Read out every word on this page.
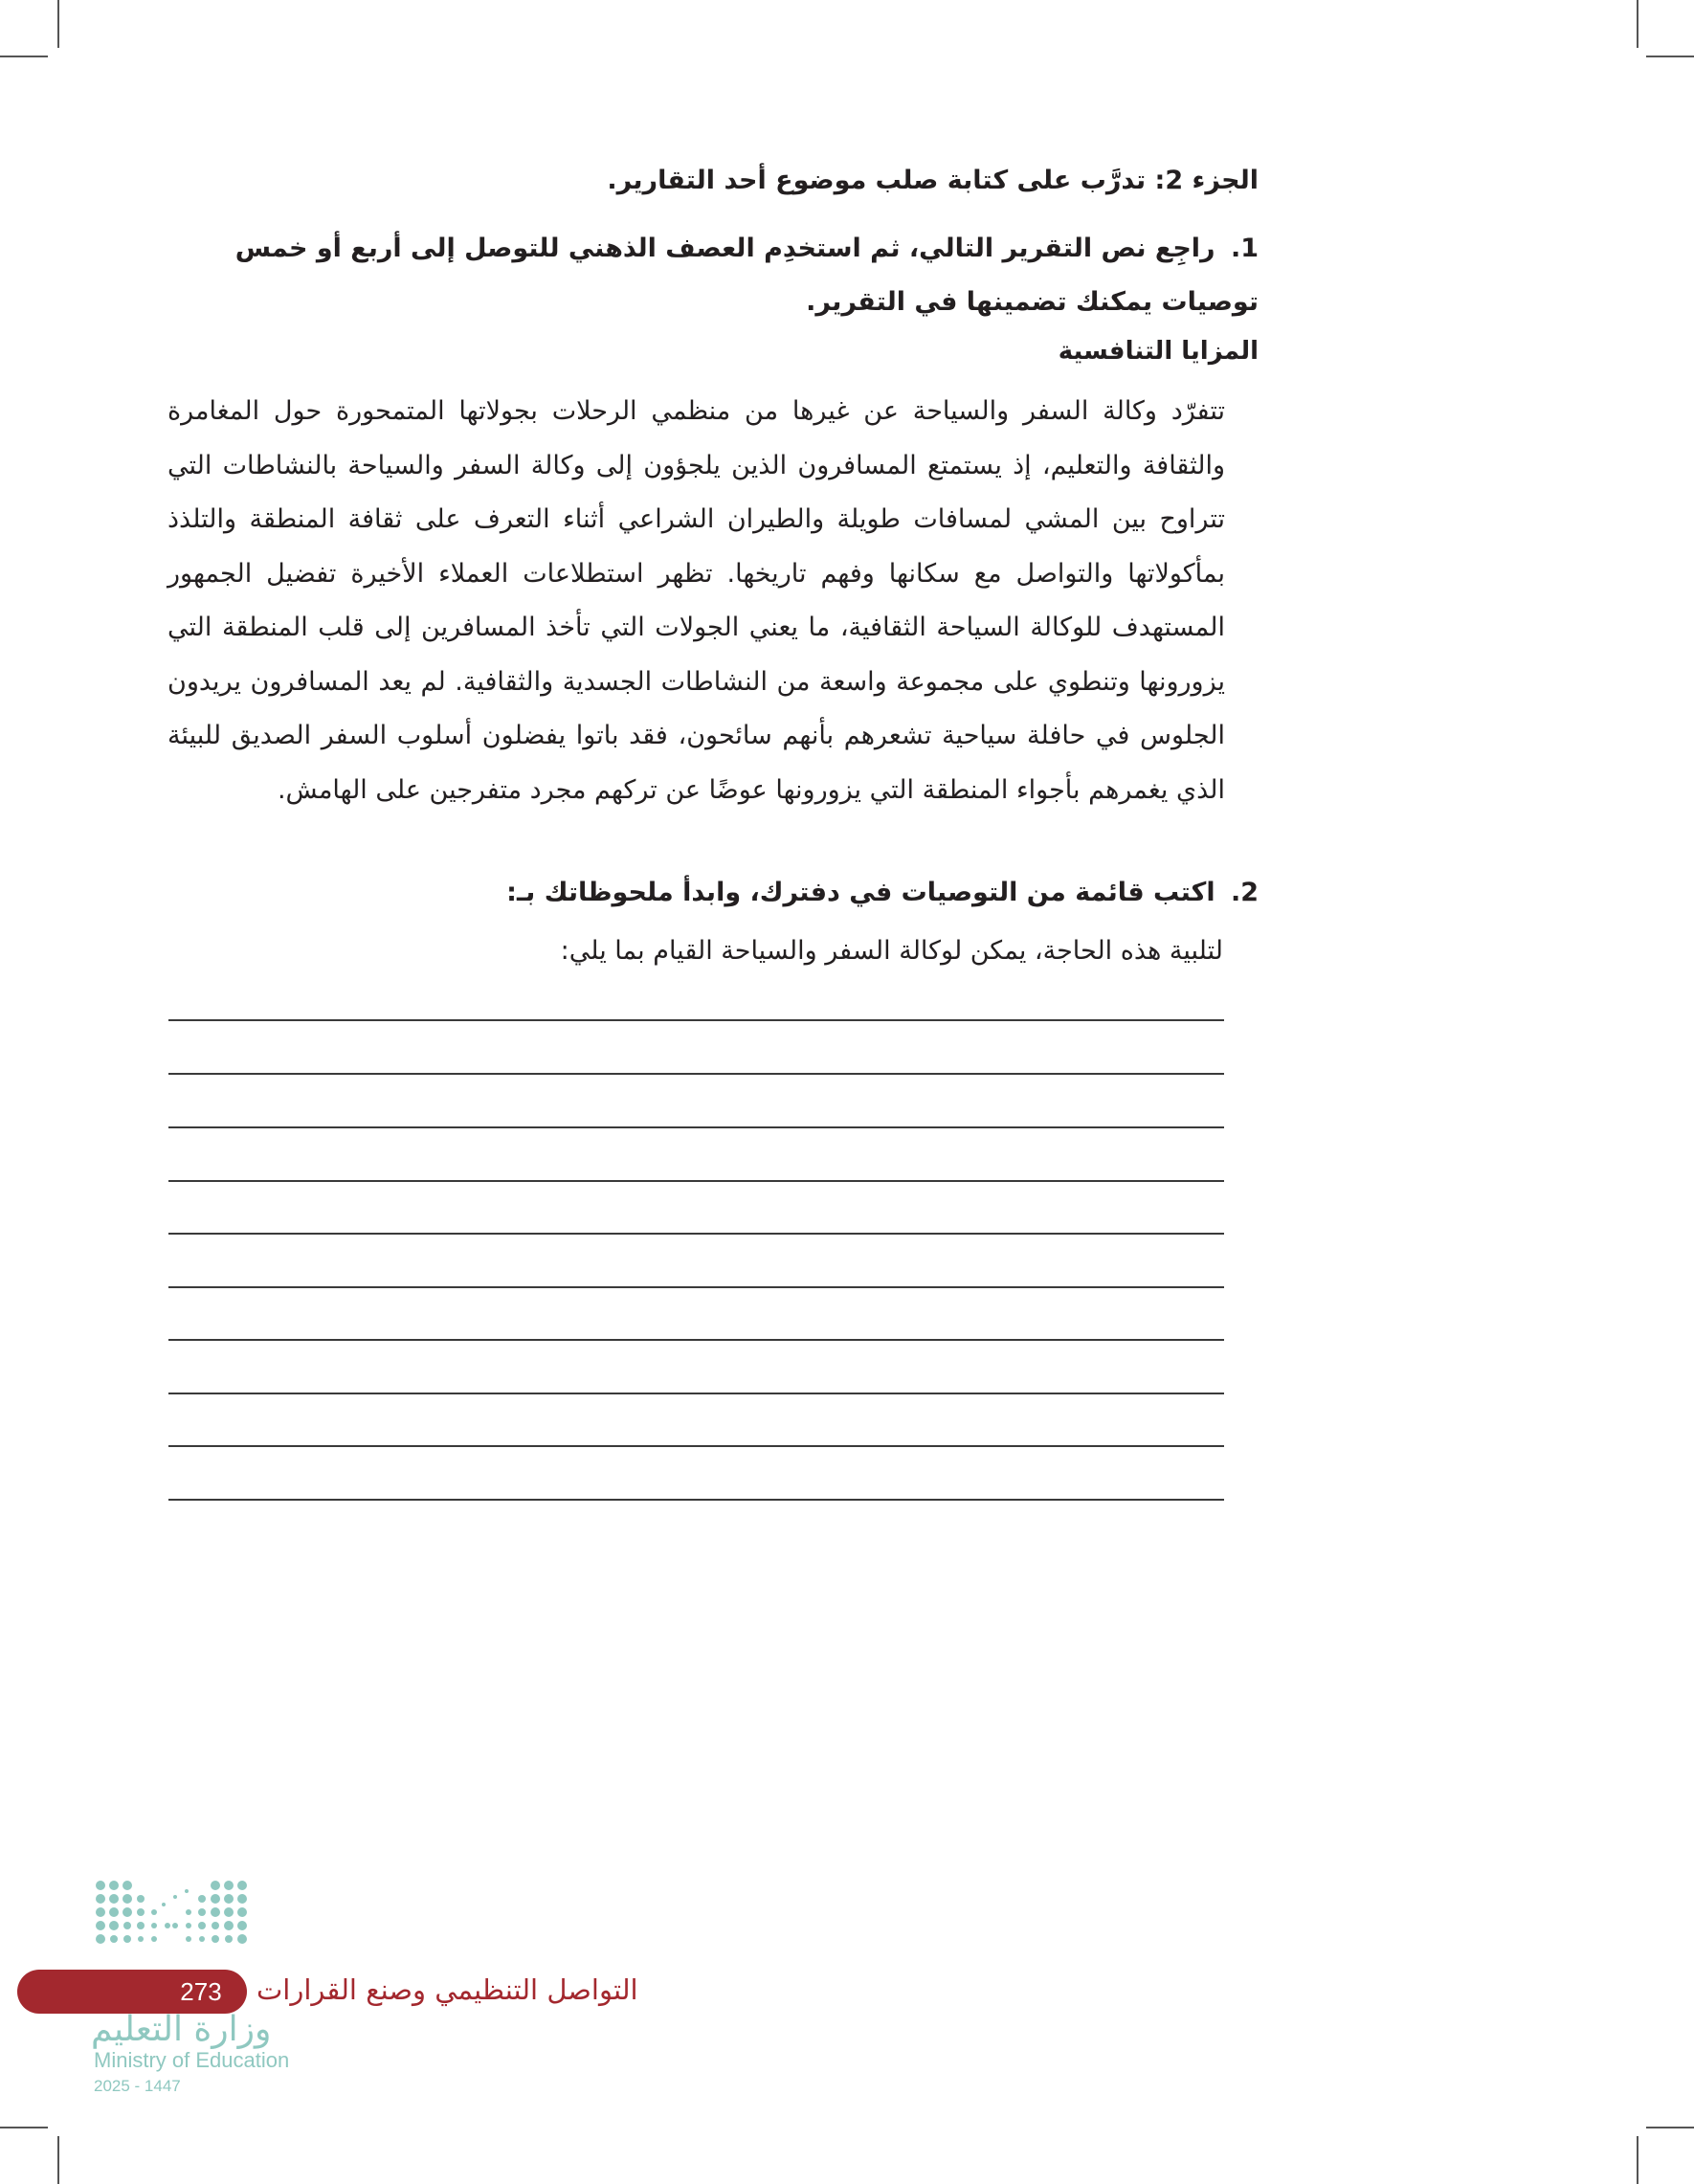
الجزء 2: تدرَّب على كتابة صلب موضوع أحد التقارير.
1. راجِع نص التقرير التالي، ثم استخدِم العصف الذهني للتوصل إلى أربع أو خمس توصيات يمكنك تضمينها في التقرير.
المزايا التنافسية
تتفرّد وكالة السفر والسياحة عن غيرها من منظمي الرحلات بجولاتها المتمحورة حول المغامرة والثقافة والتعليم، إذ يستمتع المسافرون الذين يلجؤون إلى وكالة السفر والسياحة بالنشاطات التي تتراوح بين المشي لمسافات طويلة والطيران الشراعي أثناء التعرف على ثقافة المنطقة والتلذذ بمأكولاتها والتواصل مع سكانها وفهم تاريخها. تظهر استطلاعات العملاء الأخيرة تفضيل الجمهور المستهدف للوكالة السياحة الثقافية، ما يعني الجولات التي تأخذ المسافرين إلى قلب المنطقة التي يزورونها وتنطوي على مجموعة واسعة من النشاطات الجسدية والثقافية. لم يعد المسافرون يريدون الجلوس في حافلة سياحية تشعرهم بأنهم سائحون، فقد باتوا يفضلون أسلوب السفر الصديق للبيئة الذي يغمرهم بأجواء المنطقة التي يزورونها عوضًا عن تركهم مجرد متفرجين على الهامش.
2. اكتب قائمة من التوصيات في دفترك، وابدأ ملحوظاتك بـ:
لتلبية هذه الحاجة، يمكن لوكالة السفر والسياحة القيام بما يلي:
273	التواصل التنظيمي وصنع القرارات
وزارة التعليم
Ministry of Education
2025 - 1447
